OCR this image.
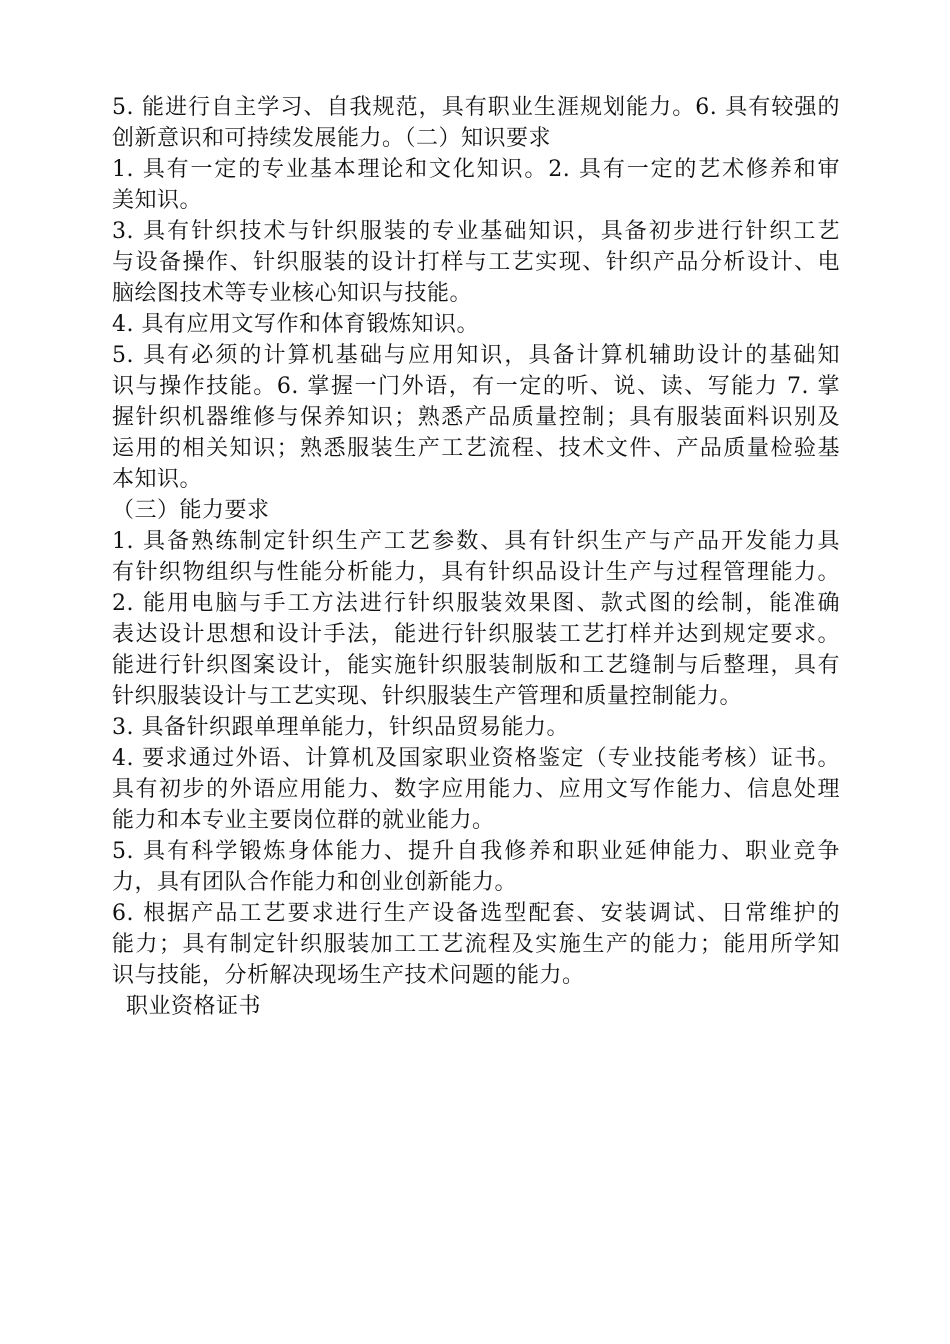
5. 能进行自主学习、自我规范，具有职业生涯规划能力。6. 具有较强的

创新意识和可持续发展能力。（二）知识要求

1. 具有一定的专业基本理论和文化知识。2. 具有一定的艺术修养和审

美知识。

3. 具有针织技术与针织服装的专业基础知识，具备初步进行针织工艺

与设备操作、针织服装的设计打样与工艺实现、针织产品分析设计、电

脑绘图技术等专业核心知识与技能。

4. 具有应用文写作和体育锻炼知识。

5. 具有必须的计算机基础与应用知识，具备计算机辅助设计的基础知

识与操作技能。6. 掌握一门外语，有一定的听、说、读、写能力 7. 掌

握针织机器维修与保养知识；熟悉产品质量控制；具有服装面料识别及

运用的相关知识；熟悉服装生产工艺流程、技术文件、产品质量检验基

本知识。

（三）能力要求

1. 具备熟练制定针织生产工艺参数、具有针织生产与产品开发能力具

有针织物组织与性能分析能力，具有针织品设计生产与过程管理能力。

2. 能用电脑与手工方法进行针织服装效果图、款式图的绘制，能准确

表达设计思想和设计手法，能进行针织服装工艺打样并达到规定要求。

能进行针织图案设计，能实施针织服装制版和工艺缝制与后整理，具有

针织服装设计与工艺实现、针织服装生产管理和质量控制能力。

3. 具备针织跟单理单能力，针织品贸易能力。

4. 要求通过外语、计算机及国家职业资格鉴定（专业技能考核）证书。

具有初步的外语应用能力、数字应用能力、应用文写作能力、信息处理

能力和本专业主要岗位群的就业能力。

5. 具有科学锻炼身体能力、提升自我修养和职业延伸能力、职业竞争

力，具有团队合作能力和创业创新能力。

6. 根据产品工艺要求进行生产设备选型配套、安装调试、日常维护的

能力；具有制定针织服装加工工艺流程及实施生产的能力；能用所学知

识与技能，分析解决现场生产技术问题的能力。

职业资格证书
